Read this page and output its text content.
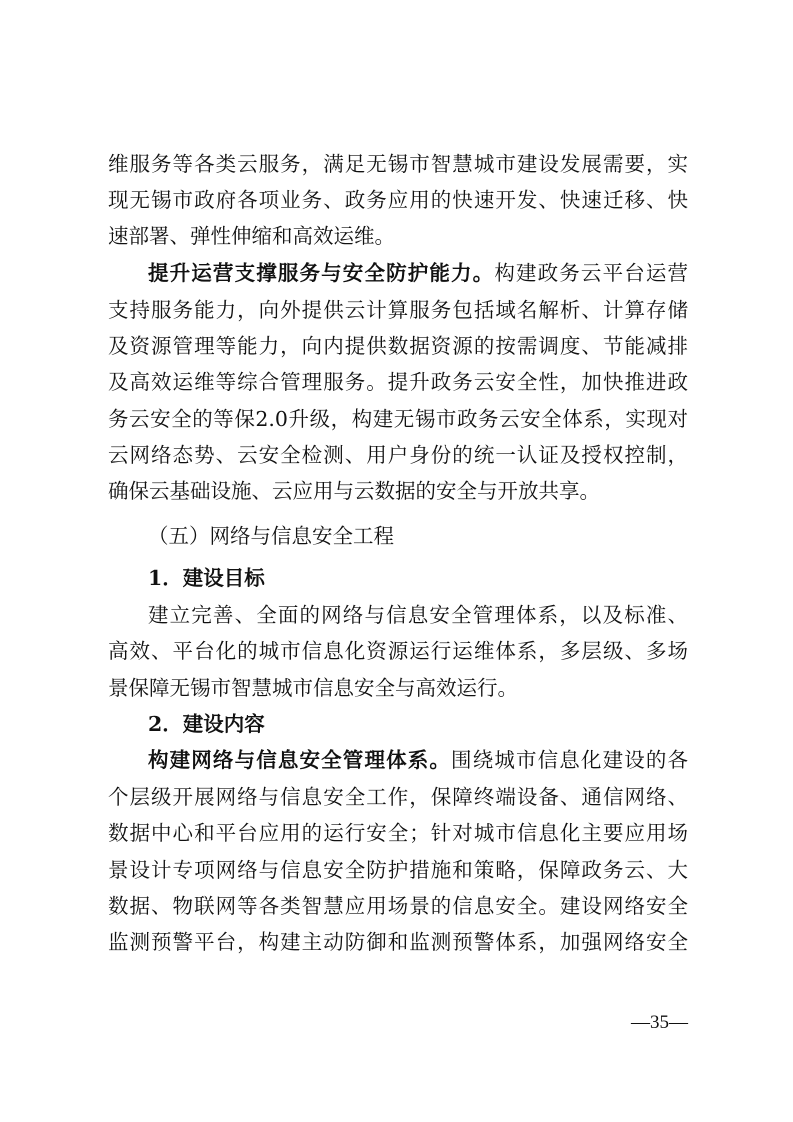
维服务等各类云服务，满足无锡市智慧城市建设发展需要，实
现无锡市政府各项业务、政务应用的快速开发、快速迁移、快
速部署、弹性伸缩和高效运维。
提升运营支撑服务与安全防护能力。构建政务云平台运营
支持服务能力，向外提供云计算服务包括域名解析、计算存储
及资源管理等能力，向内提供数据资源的按需调度、节能减排
及高效运维等综合管理服务。提升政务云安全性，加快推进政
务云安全的等保2.0升级，构建无锡市政务云安全体系，实现对
云网络态势、云安全检测、用户身份的统一认证及授权控制，
确保云基础设施、云应用与云数据的安全与开放共享。
（五）网络与信息安全工程
1．建设目标
建立完善、全面的网络与信息安全管理体系，以及标准、
高效、平台化的城市信息化资源运行运维体系，多层级、多场
景保障无锡市智慧城市信息安全与高效运行。
2．建设内容
构建网络与信息安全管理体系。围绕城市信息化建设的各
个层级开展网络与信息安全工作，保障终端设备、通信网络、
数据中心和平台应用的运行安全；针对城市信息化主要应用场
景设计专项网络与信息安全防护措施和策略，保障政务云、大
数据、物联网等各类智慧应用场景的信息安全。建设网络安全
监测预警平台，构建主动防御和监测预警体系，加强网络安全
—35—
